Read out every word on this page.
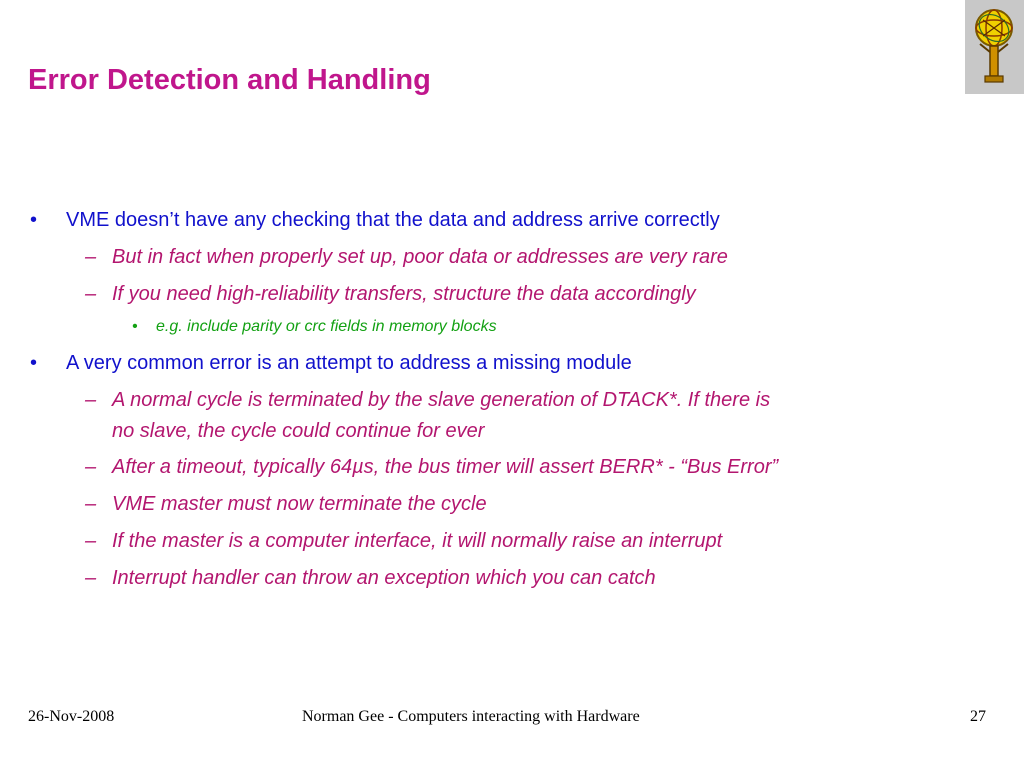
Error Detection and Handling
• VME doesn’t have any checking that the data and address arrive correctly
– But in fact when properly set up, poor data or addresses are very rare
– If you need high-reliability transfers, structure the data accordingly
• e.g. include parity or crc fields in memory blocks
• A very common error is an attempt to address a missing module
– A normal cycle is terminated by the slave generation of DTACK*. If there is
no slave, the cycle could continue for ever
– After a timeout, typically 64µs, the bus timer will assert BERR* - “Bus Error”
– VME master must now terminate the cycle
– If the master is a computer interface, it will normally raise an interrupt
– Interrupt handler can throw an exception which you can catch
26-Nov-2008	Norman Gee - Computers interacting with Hardware	27
